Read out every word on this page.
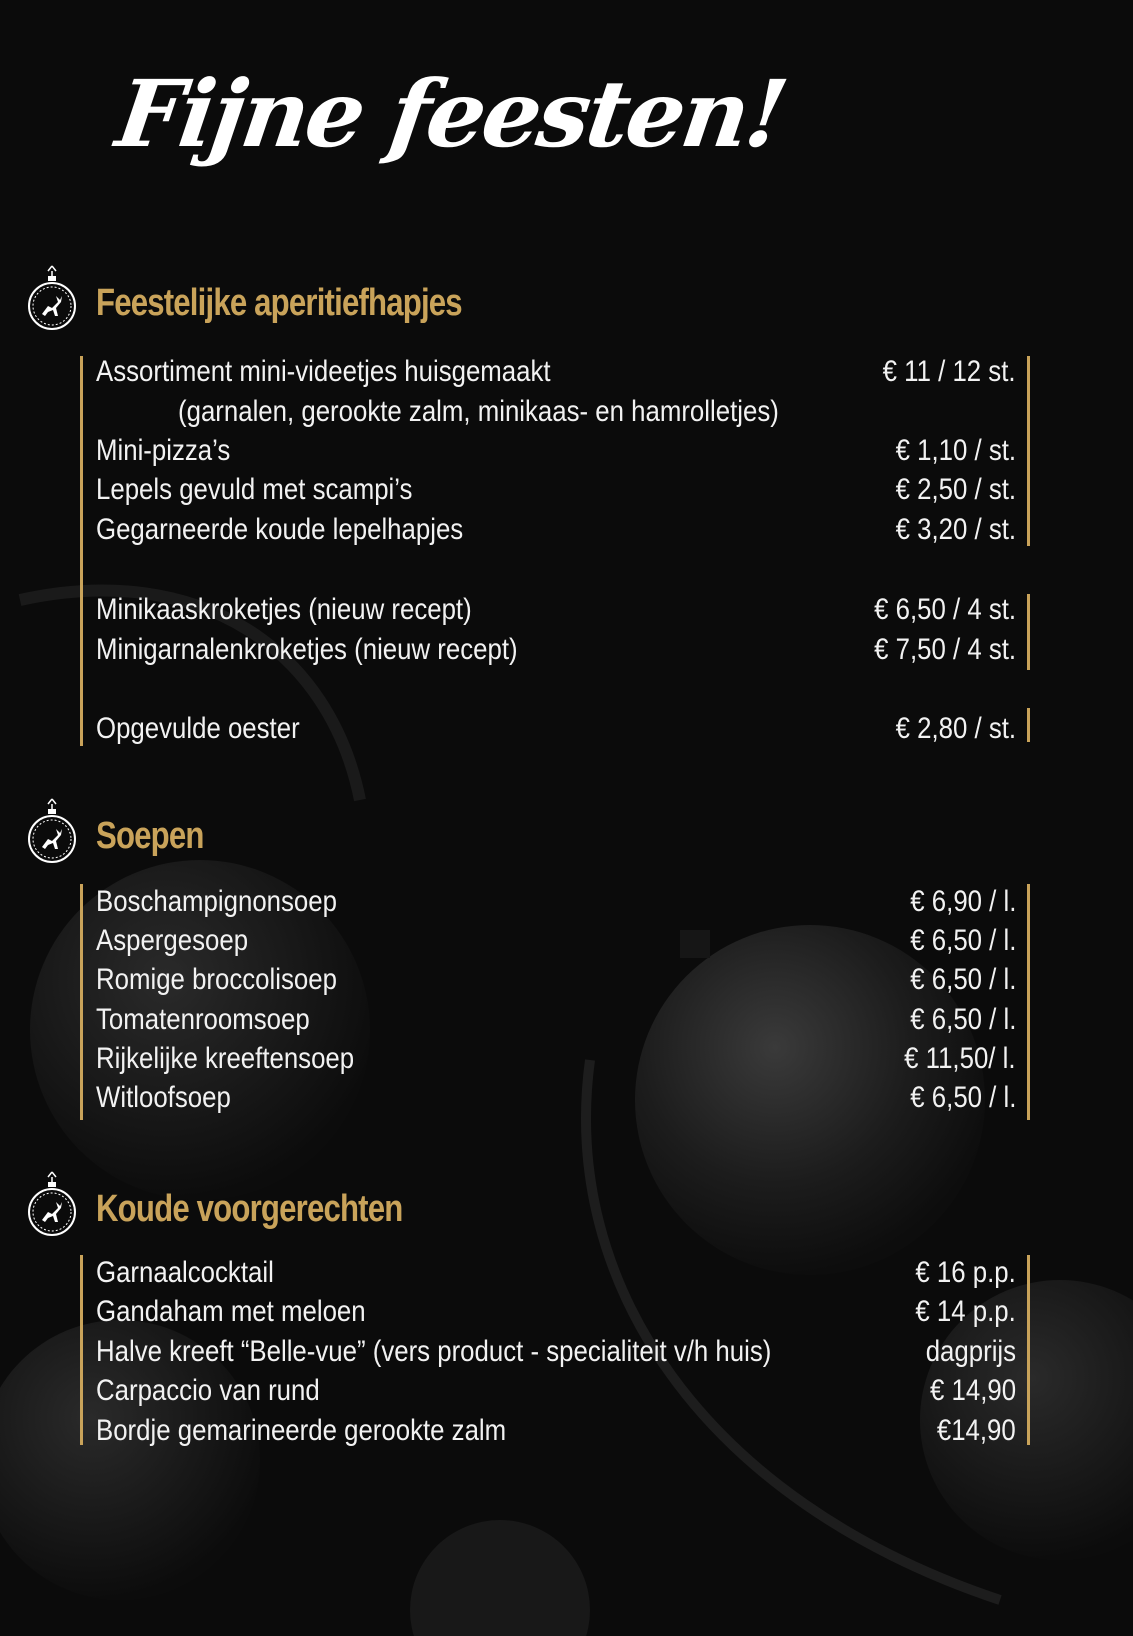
Fijne feesten!
Feestelijke aperitiefhapjes
Assortiment mini-videetjes huisgemaakt	€ 11 / 12 st.
(garnalen, gerookte zalm, minikaas- en hamrolletjes)
Mini-pizza’s	€ 1,10 / st.
Lepels gevuld met scampi’s	€ 2,50 / st.
Gegarneerde koude lepelhapjes	€ 3,20 / st.
Minikaaskroketjes (nieuw recept)	€ 6,50 / 4 st.
Minigarnalenkroketjes (nieuw recept)	€ 7,50 / 4 st.
Opgevulde oester	€ 2,80 / st.
Soepen
Boschampignonsoep	€ 6,90 / l.
Aspergesoep	€ 6,50 / l.
Romige broccolisoep	€ 6,50 / l.
Tomatenroomsoep	€ 6,50 / l.
Rijkelijke kreeftensoep	€ 11,50/ l.
Witloofsoep	€ 6,50 / l.
Koude voorgerechten
Garnaalcocktail	€ 16 p.p.
Gandaham met meloen	€ 14 p.p.
Halve kreeft “Belle-vue” (vers product - specialiteit v/h huis)	dagprijs
Carpaccio van rund	€ 14,90
Bordje gemarineerde gerookte zalm	€14,90
